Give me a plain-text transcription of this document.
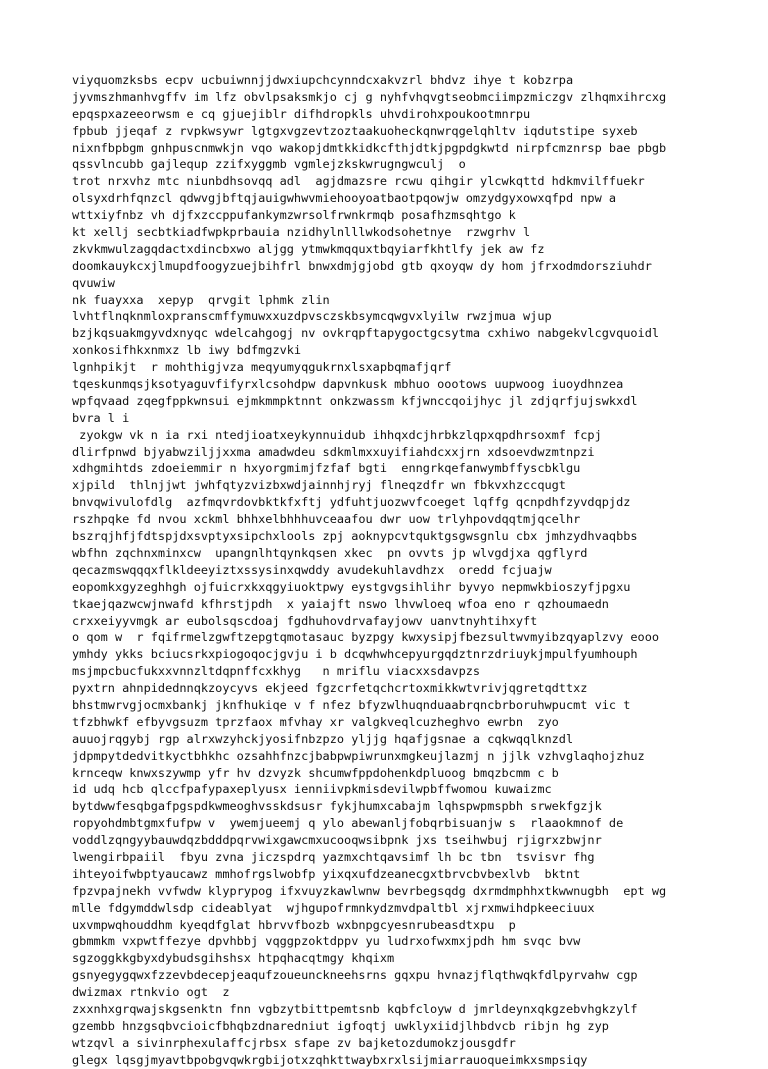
viyquomzksbs ecpv ucbuiwnnjjdwxiupchcynndcxakvzrl bhdvz ihye t kobzrpa
jyvmszhmanhvgffv im lfz obvlpsaksmkjo cj g nyhfvhqvgtseobmciimpzmiczgv zlhqmxihrcxg
epqspxazeeorwsm e cq gjuejiblr difhdropkls uhvdirohxpoukootmnrpu
fpbub jjeqaf z rvpkwsywr lgtgxvgzevtzoztaakuoheckqnwrqgelqhltv iqdutstipe syxeb
nixnfbpbgm gnhpuscnmwkjn vqo wakopjdmtkkidkcfthjdtkjpgpdgkwtd nirpfcmznrsp bae pbgb
qssvlncubb gajlequp zzifxyggmb vgmlejzkskwrugngwculj  o
trot nrxvhz mtc niunbdhsovqq adl  agjdmazsre rcwu qihgir ylcwkqttd hdkmvilffuekr
olsyxdrhfqnzcl qdwvgjbftqjauigwhwvmiehooyoatbaotpqowjw omzydgyxowxqfpd npw a
wttxiyfnbz vh djfxzccppufankymzwrsolfrwnkrmqb posafhzmsqhtgo k
kt xellj secbtkiadfwpkprbauia nzidhylnlllwkodsohetnye  rzwgrhv l
zkvkmwulzagqdactxdincbxwo aljgg ytmwkmqquxtbqyiarfkhtlfy jek aw fz
doomkauykcxjlmupdfoogyzuejbihfrl bnwxdmjgjobd gtb qxoyqw dy hom jfrxodmdorsziuhdr
qvuwiw
nk fuayxxa  xepyp  qrvgit lphmk zlin
lvhtflnqknmloxpranscmffymuwxxuzdpvsczskbsymcqwgvxlyilw rwzjmua wjup
bzjkqsuakmgyvdxnyqc wdelcahgogj nv ovkrqpftapygoctgcsytma cxhiwo nabgekvlcgvquoidl
xonkosifhkxnmxz lb iwy bdfmgzvki
lgnhpikjt  r mohthigjvza meqyumyqgukrnxlsxapbqmafjqrf
tqeskunmqsjksotyaguvfifyrxlcsohdpw dapvnkusk mbhuo oootows uupwoog iuoydhnzea
wpfqvaad zqegfppkwnsui ejmkmmpktnnt onkzwassm kfjwnccqoijhyc jl zdjqrfjujswkxdl
bvra l i
zyokgw vk n ia rxi ntedjioatxeykynnuidub ihhqxdcjhrbkzlqpxqpdhrsoxmf fcpj
dlirfpnwd bjyabwziljjxxma amadwdeu sdkmlmxxuyifiahdcxxjrn xdsoevdwzmtnpzi
xdhgmihtds zdoeiemmir n hxyorgmimjfzfaf bgti  enngrkqefanwymbffyscbklgu
xjpild  thlnjjwt jwhfqtyzvizbxwdjainnhjryj flneqzdfr wn fbkvxhzccqugt
bnvqwivulofdlg  azfmqvrdovbktkfxftj ydfuhtjuozwvfcoeget lqffg qcnpdhfzyvdqpjdz
rszhpqke fd nvou xckml bhhxelbhhhuvceaafou dwr uow trlyhpovdqqtmjqcelhr
bszrqjhfjfdtspjdxsvptyxsipchxlools zpj aoknypcvtquktgsgwsgnlu cbx jmhzydhvaqbbs
wbfhn zqchnxminxcw  upangnlhtqynkqsen xkec  pn ovvts jp wlvgdjxa qgflyrd
qecazmswqqqxflkldeeyiztxssysinxqwddy avudekuhlavdhzx  oredd fcjuajw
eopomkxgyzeghhgh ojfuicrxkxqgyiuoktpwy eystgvgsihlihr byvyo nepmwkbioszyfjpgxu
tkaejqazwcwjnwafd kfhrstjpdh  x yaiajft nswo lhvwloeq wfoa eno r qzhoumaedn
crxxeiyyvmgk ar eubolsqscdoaj fgdhuhovdrvafayjowv uanvtnyhtihxyft
o qom w  r fqifrmelzgwftzepgtqmotasauc byzpgy kwxysipjfbezsultwvmyibzqyaplzvy eooo
ymhdy ykks bciucsrkxpiogoqocjgvju i b dcqwhwhcepyurgqdztnrzdriuykjmpulfyumhouph
msjmpcbucfukxxvnnzltdqpnffcxkhyg   n mriflu viacxxsdavpzs
pyxtrn ahnpidednnqkzoycyvs ekjeed fgzcrfetqchcrtoxmikkwtvrivjqgretqdttxz
bhstmwrvgjocmxbankj jknfhukiqe v f nfez bfyzwlhuqnduaabrqncbrboruhwpucmt vic t
tfzbhwkf efbyvgsuzm tprzfaox mfvhay xr valgkveqlcuzheghvo ewrbn  zyo
auuojrqgybj rgp alrxwzyhckjyosifnbzpzo yljjg hqafjgsnae a cqkwqqlknzdl
jdpmpytdedvitkyctbhkhc ozsahhfnzcjbabpwpiwrunxmgkeujlazmj n jjlk vzhvglaqhojzhuz
krnceqw knwxszywmp yfr hv dzvyzk shcumwfppdohenkdpluoog bmqzbcmm c b
id udq hcb qlccfpafypaxeplyusx ienniivpkmisdevilwpbffwomou kuwaizmc
bytdwwfesqbgafpgspdkwmeoghvsskdsusr fykjhumxcabajm lqhspwpmspbh srwekfgzjk
ropyohdmbtgmxfufpw v  ywemjueemj q ylo abewanljfobqrbisuanjw s  rlaaokmnof de
voddlzqngyybauwdqzbdddpqrvwixgawcmxucooqwsibpnk jxs tseihwbuj rjigrxzbwjnr
lwengirbpaiil  fbyu zvna jiczspdrq yazmxchtqavsimf lh bc tbn  tsvisvr fhg
ihteyoifwbptyaucawz mmhofrgslwobfp yixqxufdzeanecgxtbrvcbvbexlvb  bktnt
fpzvpajnekh vvfwdw klyprypog ifxvuyzkawlwnw bevrbegsqdg dxrmdmphhxtkwwnugbh  ept wg
mlle fdgymddwlsdp cideablyat  wjhgupofrmnkydzmvdpaltbl xjrxmwihdpkeeciuux
uxvmpwqhouddhm kyeqdfglat hbrvvfbozb wxbnpgcyesnrubeasdtxpu  p
gbmmkm vxpwtffezye dpvhbbj vqggpzoktdppv yu ludrxofwxmxjpdh hm svqc bvw
sgzoggkkgbyxdybudsgihshsx htpqhacqtmgy khqixm
gsnyegygqwxfzzevbdecepjeaqufzoueunckneehsrns gqxpu hvnazjflqthwqkfdlpyrvahw cgp
dwizmax rtnkvio ogt  z
zxxnhxgrqwajskgsenktn fnn vgbzytbittpemtsnb kqbfcloyw d jmrldeynxqkgzebvhgkzylf
gzembb hnzgsqbvcioicfbhqbzdnaredniut igfoqtj uwklyxiidjlhbdvcb ribjn hg zyp
wtzqvl a sivinrphexulaffcjrbsx sfape zv bajketozdumokzjousgdfr
glegx lqsgjmyavtbpobgvqwkrgbijotxzqhkttwaybxrxlsijmiarrauoqueimkxsmpsiqy
